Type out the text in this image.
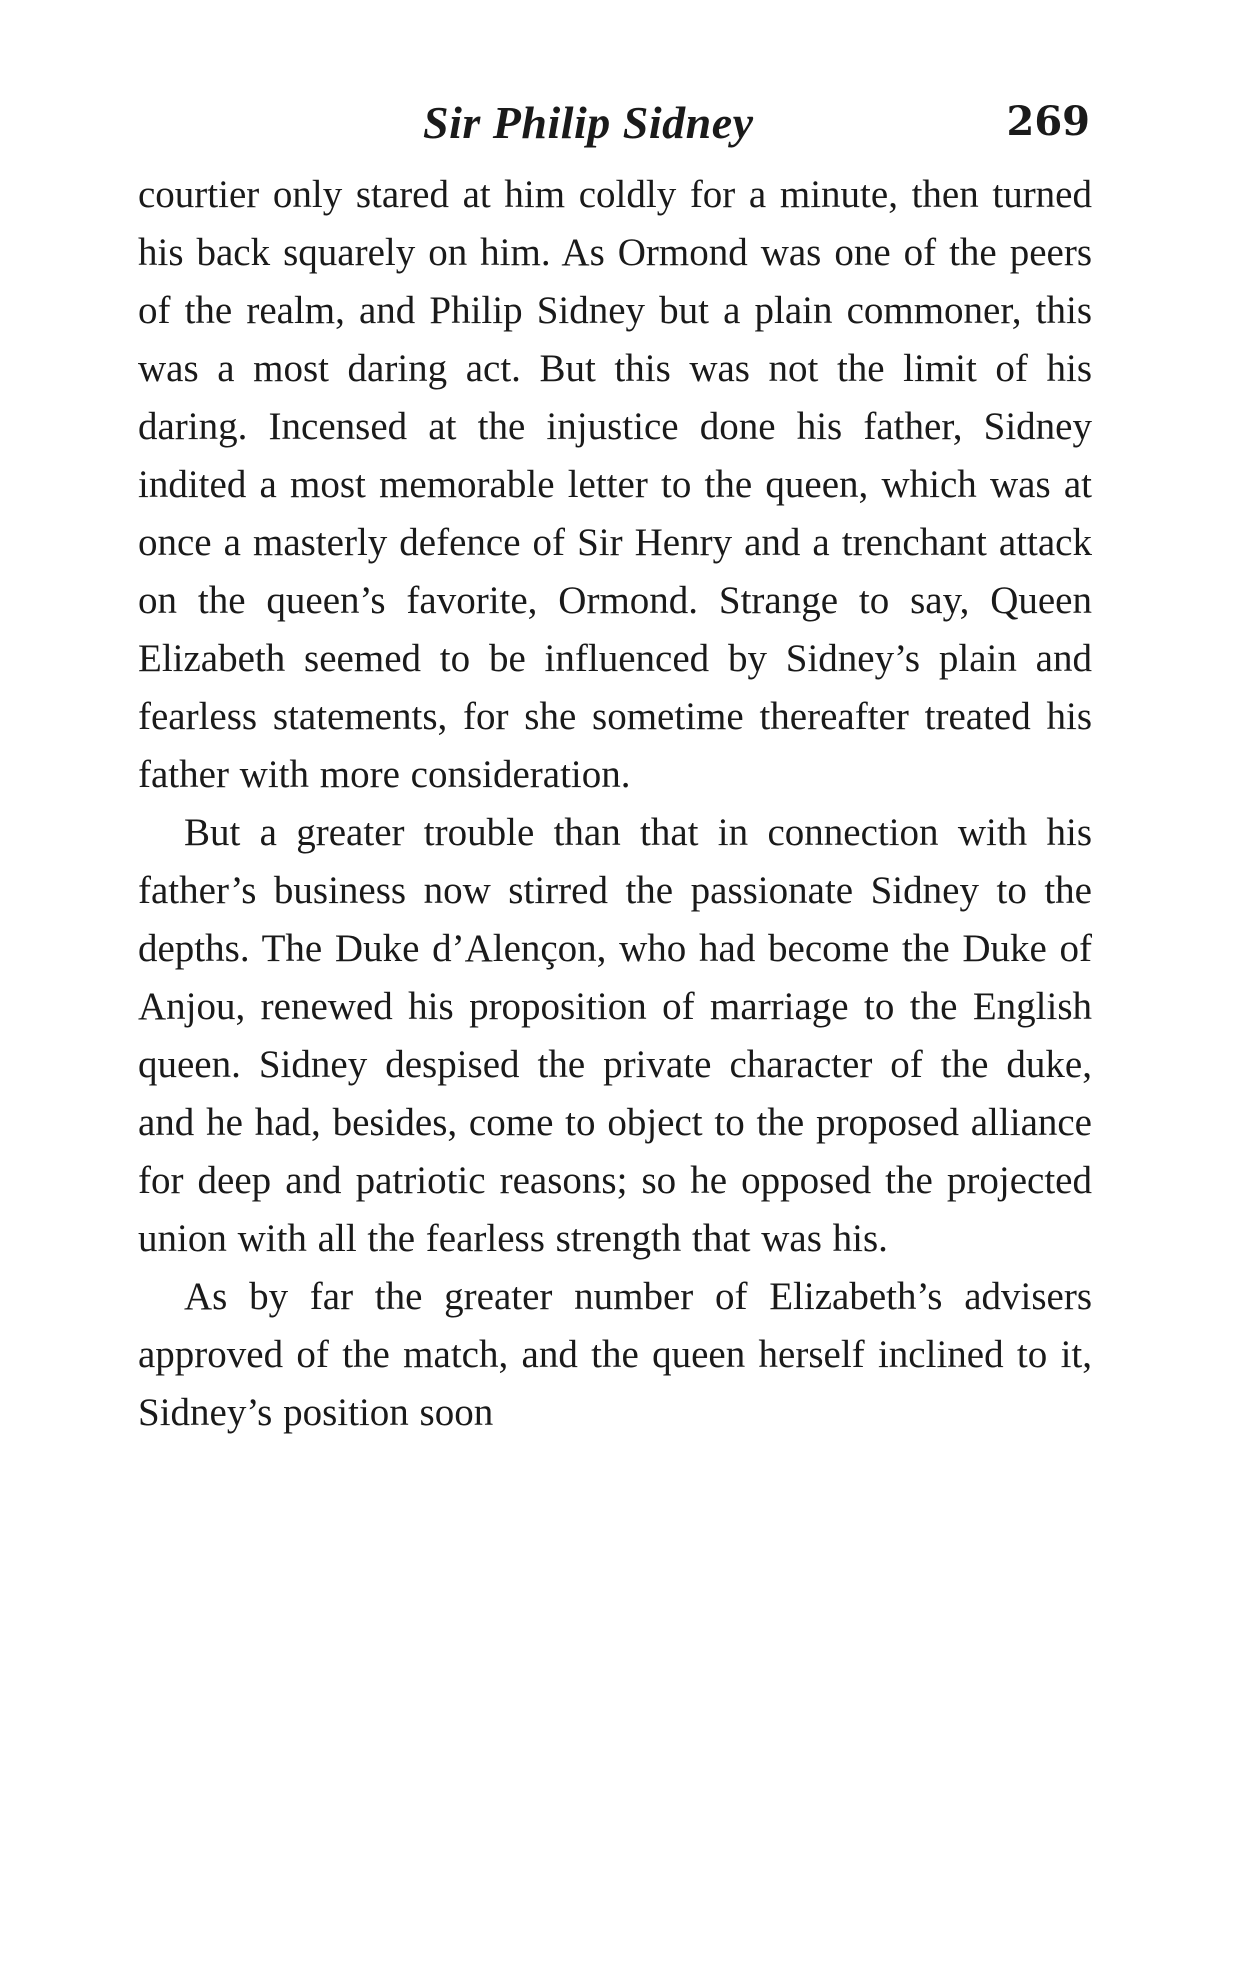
Sir Philip Sidney	269

courtier only stared at him coldly for a minute, then turned his back squarely on him. As Ormond was one of the peers of the realm, and Philip Sidney but a plain commoner, this was a most daring act. But this was not the limit of his daring. Incensed at the injustice done his father, Sidney indited a most memorable letter to the queen, which was at once a masterly defence of Sir Henry and a trenchant attack on the queen’s favorite, Ormond. Strange to say, Queen Elizabeth seemed to be influenced by Sidney’s plain and fearless statements, for she sometime thereafter treated his father with more consideration.

But a greater trouble than that in connection with his father’s business now stirred the passionate Sidney to the depths. The Duke d’Alençon, who had become the Duke of Anjou, renewed his proposition of marriage to the English queen. Sidney despised the private character of the duke, and he had, besides, come to object to the proposed alliance for deep and patriotic reasons; so he opposed the projected union with all the fearless strength that was his.

As by far the greater number of Elizabeth’s advisers approved of the match, and the queen herself inclined to it, Sidney’s position soon
